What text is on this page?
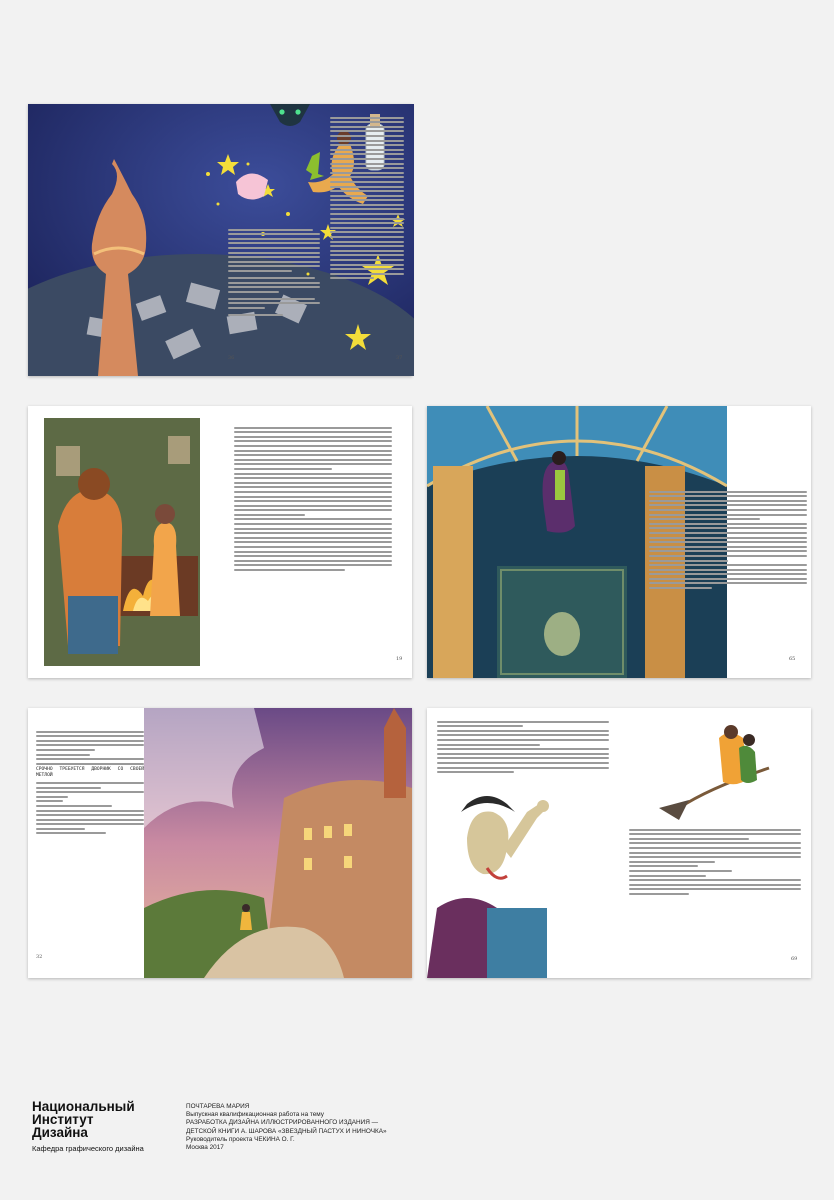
36	37
19	65
СРОЧНО ТРЕБУЕТСЯ ДВОРНИК СО СВОЕЙ МЕТЛОЙ
32	69
Национальный
Институт
Дизайна
Кафедра графического дизайна
ПОЧТАРЕВА МАРИЯ
Выпускная квалификационная работа на тему
РАЗРАБОТКА ДИЗАЙНА ИЛЛЮСТРИРОВАННОГО ИЗДАНИЯ —
ДЕТСКОЙ КНИГИ А. ШАРОВА «ЗВЕЗДНЫЙ ПАСТУХ И НИНОЧКА»
Руководитель проекта ЧЕКИНА О. Г.
Москва 2017
